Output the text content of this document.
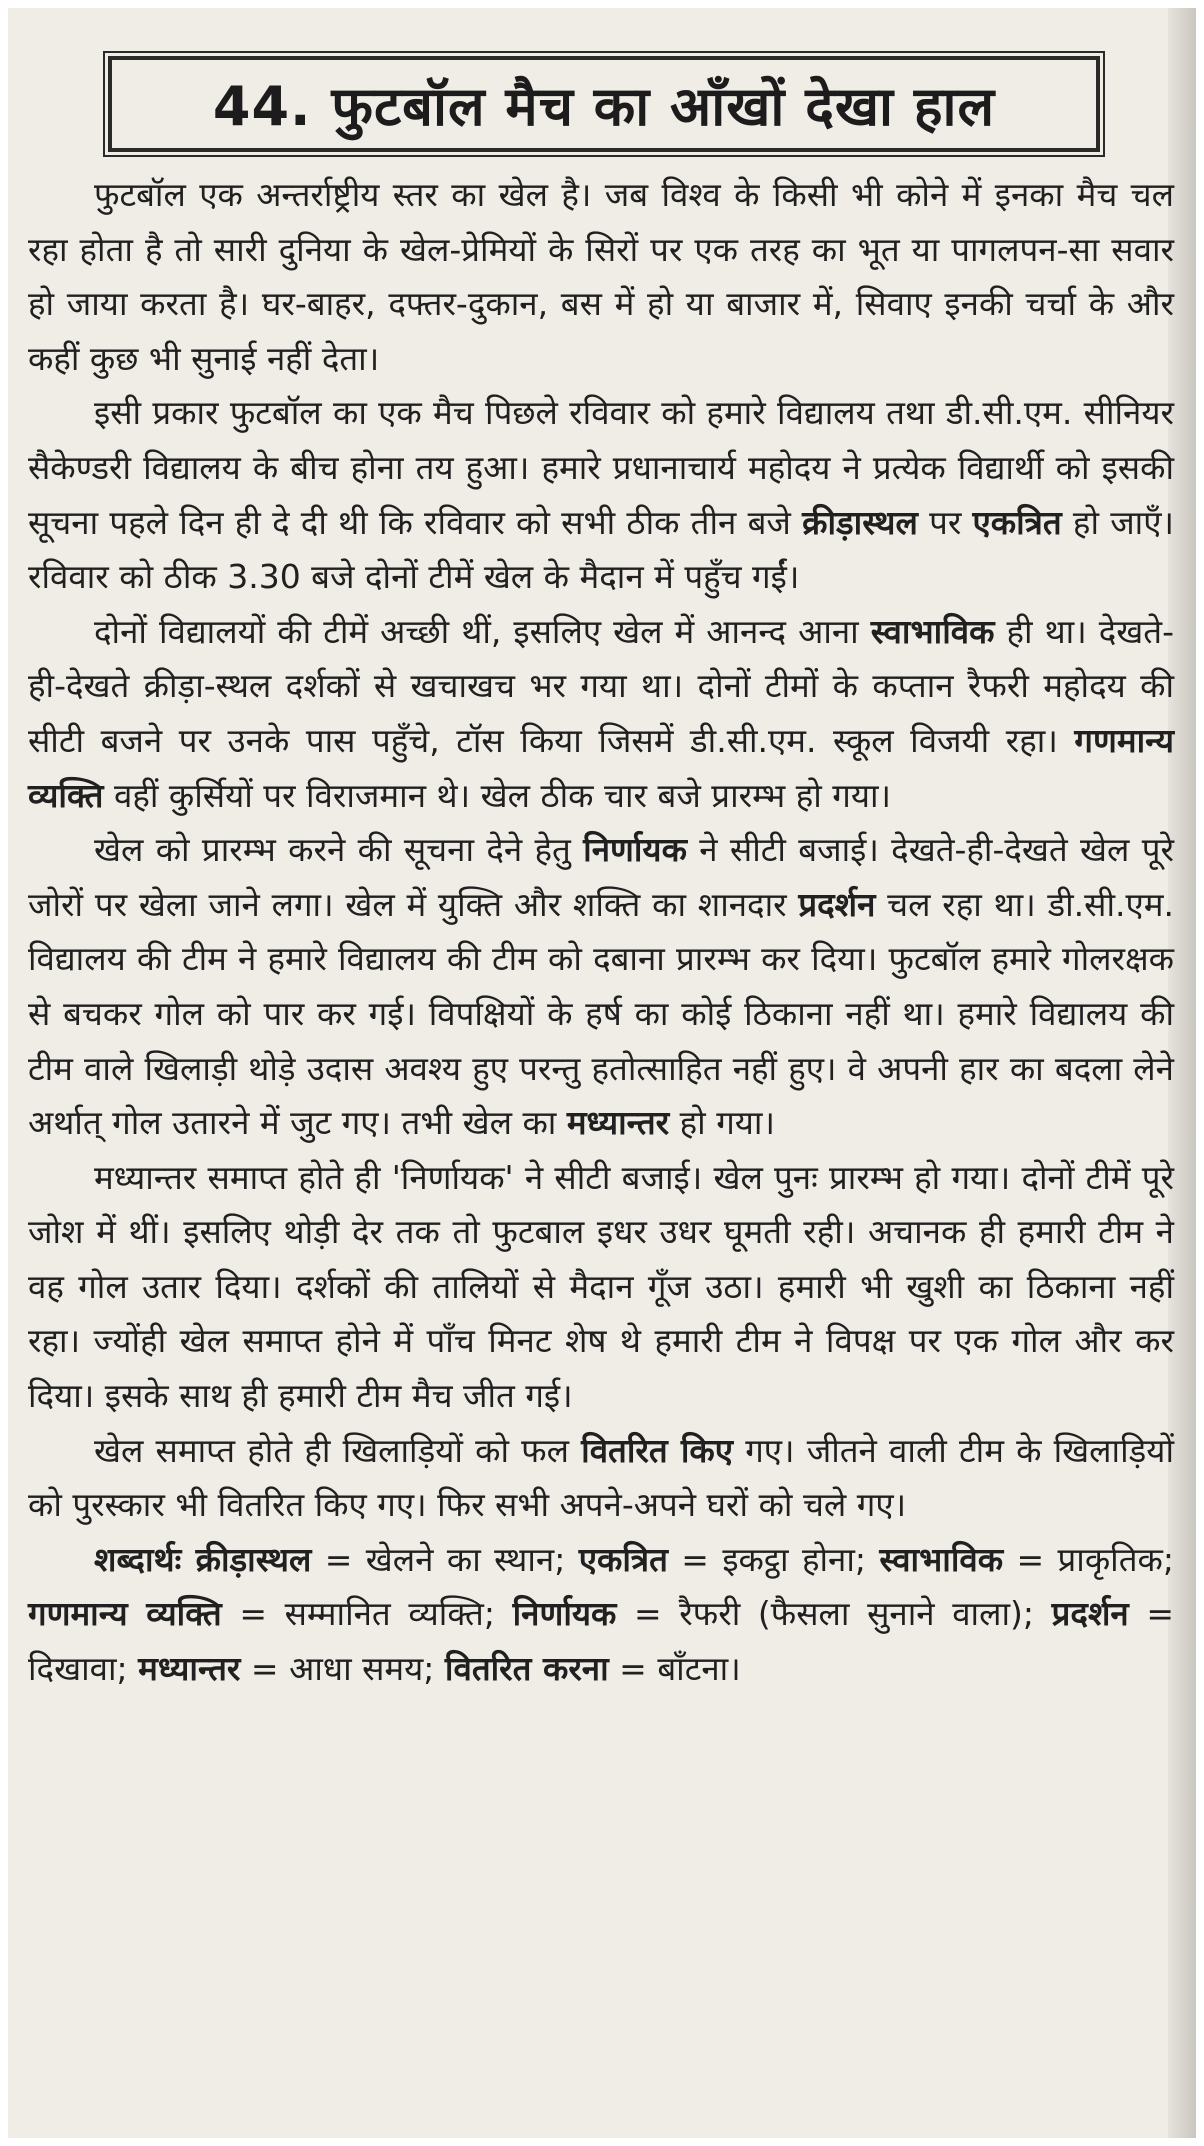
44. फुटबॉल मैच का आँखों देखा हाल

फुटबॉल एक अन्तर्राष्ट्रीय स्तर का खेल है। जब विश्व के किसी भी कोने में इनका मैच चल रहा होता है तो सारी दुनिया के खेल-प्रेमियों के सिरों पर एक तरह का भूत या पागलपन-सा सवार हो जाया करता है। घर-बाहर, दफ्तर-दुकान, बस में हो या बाजार में, सिवाए इनकी चर्चा के और कहीं कुछ भी सुनाई नहीं देता।

इसी प्रकार फुटबॉल का एक मैच पिछले रविवार को हमारे विद्यालय तथा डी.सी.एम. सीनियर सैकेण्डरी विद्यालय के बीच होना तय हुआ। हमारे प्रधानाचार्य महोदय ने प्रत्येक विद्यार्थी को इसकी सूचना पहले दिन ही दे दी थी कि रविवार को सभी ठीक तीन बजे क्रीड़ास्थल पर एकत्रित हो जाएँ। रविवार को ठीक 3.30 बजे दोनों टीमें खेल के मैदान में पहुँच गईं।

दोनों विद्यालयों की टीमें अच्छी थीं, इसलिए खेल में आनन्द आना स्वाभाविक ही था। देखते-ही-देखते क्रीड़ा-स्थल दर्शकों से खचाखच भर गया था। दोनों टीमों के कप्तान रैफरी महोदय की सीटी बजने पर उनके पास पहुँचे, टॉस किया जिसमें डी.सी.एम. स्कूल विजयी रहा। गणमान्य व्यक्ति वहीं कुर्सियों पर विराजमान थे। खेल ठीक चार बजे प्रारम्भ हो गया।

खेल को प्रारम्भ करने की सूचना देने हेतु निर्णायक ने सीटी बजाई। देखते-ही-देखते खेल पूरे जोरों पर खेला जाने लगा। खेल में युक्ति और शक्ति का शानदार प्रदर्शन चल रहा था। डी.सी.एम. विद्यालय की टीम ने हमारे विद्यालय की टीम को दबाना प्रारम्भ कर दिया। फुटबॉल हमारे गोलरक्षक से बचकर गोल को पार कर गई। विपक्षियों के हर्ष का कोई ठिकाना नहीं था। हमारे विद्यालय की टीम वाले खिलाड़ी थोड़े उदास अवश्य हुए परन्तु हतोत्साहित नहीं हुए। वे अपनी हार का बदला लेने अर्थात् गोल उतारने में जुट गए। तभी खेल का मध्यान्तर हो गया।

मध्यान्तर समाप्त होते ही 'निर्णायक' ने सीटी बजाई। खेल पुनः प्रारम्भ हो गया। दोनों टीमें पूरे जोश में थीं। इसलिए थोड़ी देर तक तो फुटबाल इधर उधर घूमती रही। अचानक ही हमारी टीम ने वह गोल उतार दिया। दर्शकों की तालियों से मैदान गूँज उठा। हमारी भी खुशी का ठिकाना नहीं रहा। ज्योंही खेल समाप्त होने में पाँच मिनट शेष थे हमारी टीम ने विपक्ष पर एक गोल और कर दिया। इसके साथ ही हमारी टीम मैच जीत गई।

खेल समाप्त होते ही खिलाड़ियों को फल वितरित किए गए। जीतने वाली टीम के खिलाड़ियों को पुरस्कार भी वितरित किए गए। फिर सभी अपने-अपने घरों को चले गए।

शब्दार्थः क्रीड़ास्थल = खेलने का स्थान; एकत्रित = इकट्ठा होना; स्वाभाविक = प्राकृतिक; गणमान्य व्यक्ति = सम्मानित व्यक्ति; निर्णायक = रैफरी (फैसला सुनाने वाला); प्रदर्शन = दिखावा; मध्यान्तर = आधा समय; वितरित करना = बाँटना।
